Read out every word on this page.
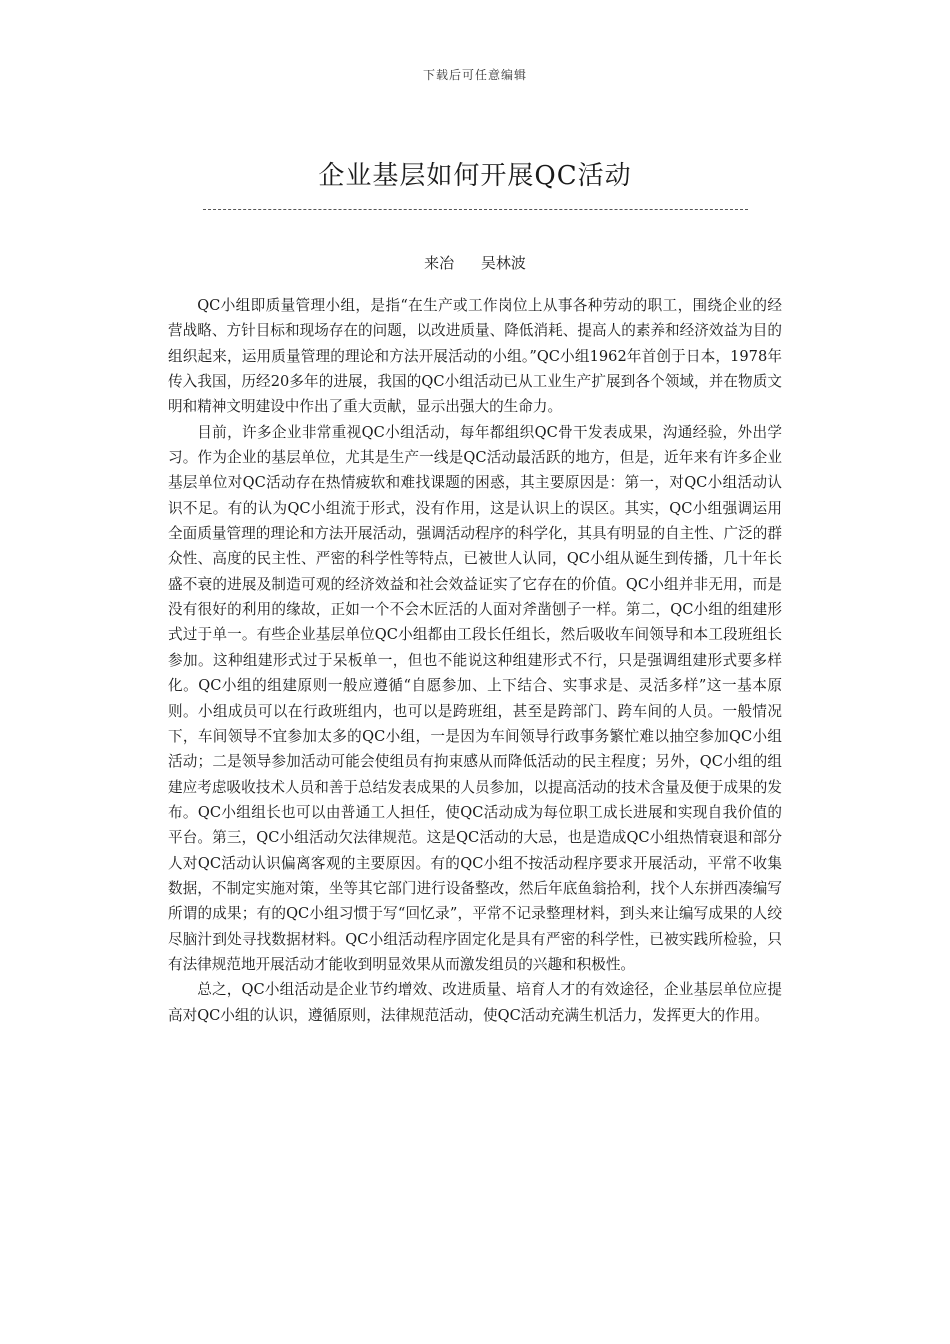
下载后可任意编辑
企业基层如何开展QC活动
来冶 吴林波

QC小组即质量管理小组，是指“在生产或工作岗位上从事各种劳动的职工，围绕企业的经营战略、方针目标和现场存在的问题，以改进质量、降低消耗、提高人的素养和经济效益为目的组织起来，运用质量管理的理论和方法开展活动的小组。”QC小组1962年首创于日本，1978年传入我国，历经20多年的进展，我国的QC小组活动已从工业生产扩展到各个领域，并在物质文明和精神文明建设中作出了重大贡献，显示出强大的生命力。

目前，许多企业非常重视QC小组活动，每年都组织QC骨干发表成果，沟通经验，外出学习。作为企业的基层单位，尤其是生产一线是QC活动最活跃的地方，但是，近年来有许多企业基层单位对QC活动存在热情疲软和难找课题的困惑，其主要原因是：第一，对QC小组活动认识不足。有的认为QC小组流于形式，没有作用，这是认识上的误区。其实，QC小组强调运用全面质量管理的理论和方法开展活动，强调活动程序的科学化，其具有明显的自主性、广泛的群众性、高度的民主性、严密的科学性等特点，已被世人认同，QC小组从诞生到传播，几十年长盛不衰的进展及制造可观的经济效益和社会效益证实了它存在的价值。QC小组并非无用，而是没有很好的利用的缘故，正如一个不会木匠活的人面对斧凿刨子一样。第二，QC小组的组建形式过于单一。有些企业基层单位QC小组都由工段长任组长，然后吸收车间领导和本工段班组长参加。这种组建形式过于呆板单一，但也不能说这种组建形式不行，只是强调组建形式要多样化。QC小组的组建原则一般应遵循“自愿参加、上下结合、实事求是、灵活多样”这一基本原则。小组成员可以在行政班组内，也可以是跨班组，甚至是跨部门、跨车间的人员。一般情况下，车间领导不宜参加太多的QC小组，一是因为车间领导行政事务繁忙难以抽空参加QC小组活动；二是领导参加活动可能会使组员有拘束感从而降低活动的民主程度；另外，QC小组的组建应考虑吸收技术人员和善于总结发表成果的人员参加，以提高活动的技术含量及便于成果的发布。QC小组组长也可以由普通工人担任，使QC活动成为每位职工成长进展和实现自我价值的平台。第三，QC小组活动欠法律规范。这是QC活动的大忌，也是造成QC小组热情衰退和部分人对QC活动认识偏离客观的主要原因。有的QC小组不按活动程序要求开展活动，平常不收集数据，不制定实施对策，坐等其它部门进行设备整改，然后年底鱼翁拾利，找个人东拼西凑编写所谓的成果；有的QC小组习惯于写“回忆录”，平常不记录整理材料，到头来让编写成果的人绞尽脑汁到处寻找数据材料。QC小组活动程序固定化是具有严密的科学性，已被实践所检验，只有法律规范地开展活动才能收到明显效果从而激发组员的兴趣和积极性。

总之，QC小组活动是企业节约增效、改进质量、培育人才的有效途径，企业基层单位应提高对QC小组的认识，遵循原则，法律规范活动，使QC活动充满生机活力，发挥更大的作用。
